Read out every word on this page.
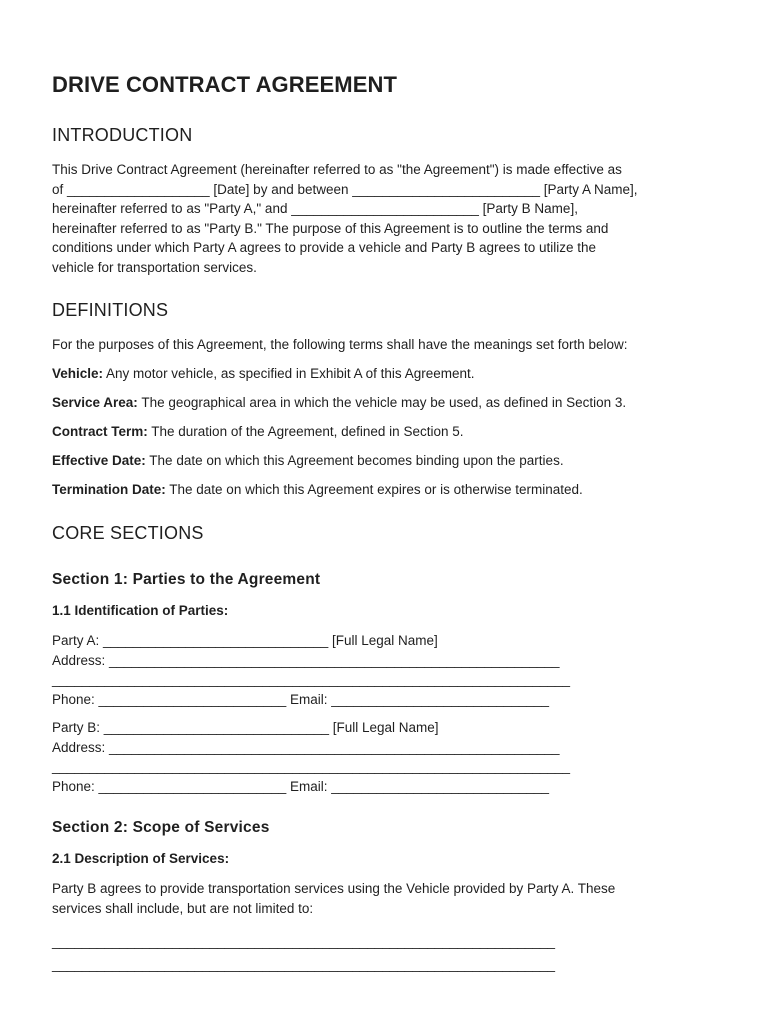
DRIVE CONTRACT AGREEMENT
INTRODUCTION

This Drive Contract Agreement (hereinafter referred to as "the Agreement") is made effective as

of ___________________ [Date] by and between _________________________ [Party A Name],

hereinafter referred to as "Party A," and _________________________ [Party B Name],

hereinafter referred to as "Party B." The purpose of this Agreement is to outline the terms and

conditions under which Party A agrees to provide a vehicle and Party B agrees to utilize the

vehicle for transportation services.

DEFINITIONS

For the purposes of this Agreement, the following terms shall have the meanings set forth below:

Vehicle: Any motor vehicle, as specified in Exhibit A of this Agreement.

Service Area: The geographical area in which the vehicle may be used, as defined in Section 3.

Contract Term: The duration of the Agreement, defined in Section 5.

Effective Date: The date on which this Agreement becomes binding upon the parties.

Termination Date: The date on which this Agreement expires or is otherwise terminated.

CORE SECTIONS
Section 1: Parties to the Agreement
1.1 Identification of Parties:

Party A: ______________________________ [Full Legal Name]

Address: ____________________________________________________________

_____________________________________________________________________

Phone: _________________________ Email: _____________________________

Party B: ______________________________ [Full Legal Name]

Address: ____________________________________________________________

_____________________________________________________________________

Phone: _________________________ Email: _____________________________

Section 2: Scope of Services
2.1 Description of Services:

Party B agrees to provide transportation services using the Vehicle provided by Party A. These

services shall include, but are not limited to:

___________________________________________________________________

___________________________________________________________________
